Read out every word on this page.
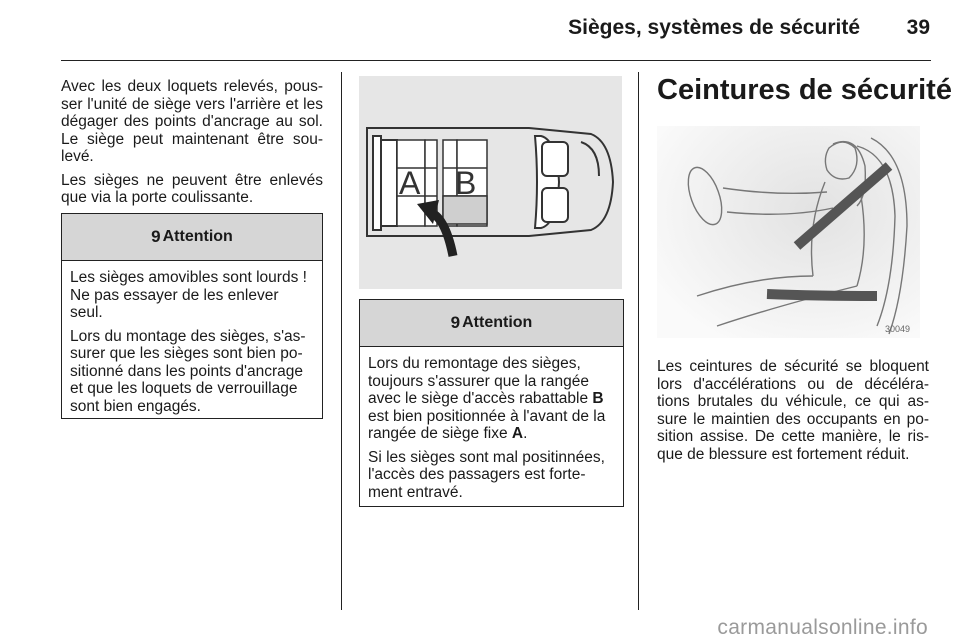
Sièges, systèmes de sécurité	39

Avec les deux loquets relevés, pous-ser l'unité de siège vers l'arrière et les dégager des points d'ancrage au sol. Le siège peut maintenant être sou-levé.

Les sièges ne peuvent être enlevés que via la porte coulissante.

9 Attention

Les sièges amovibles sont lourds ! Ne pas essayer de les enlever seul.

Lors du montage des sièges, s'as-surer que les sièges sont bien po-sitionné dans les points d'ancrage et que les loquets de verrouillage sont bien engagés.

A B
9 Attention

Lors du remontage des sièges, toujours s'assurer que la rangée avec le siège d'accès rabattable B est bien positionnée à l'avant de la rangée de siège fixe A.

Si les sièges sont mal positinnées, l'accès des passagers est forte-ment entravé.

Ceintures de sécurité
30049

Les ceintures de sécurité se bloquent lors d'accélérations ou de décéléra-tions brutales du véhicule, ce qui as-sure le maintien des occupants en po-sition assise. De cette manière, le ris-que de blessure est fortement réduit.

carmanualsonline.info
